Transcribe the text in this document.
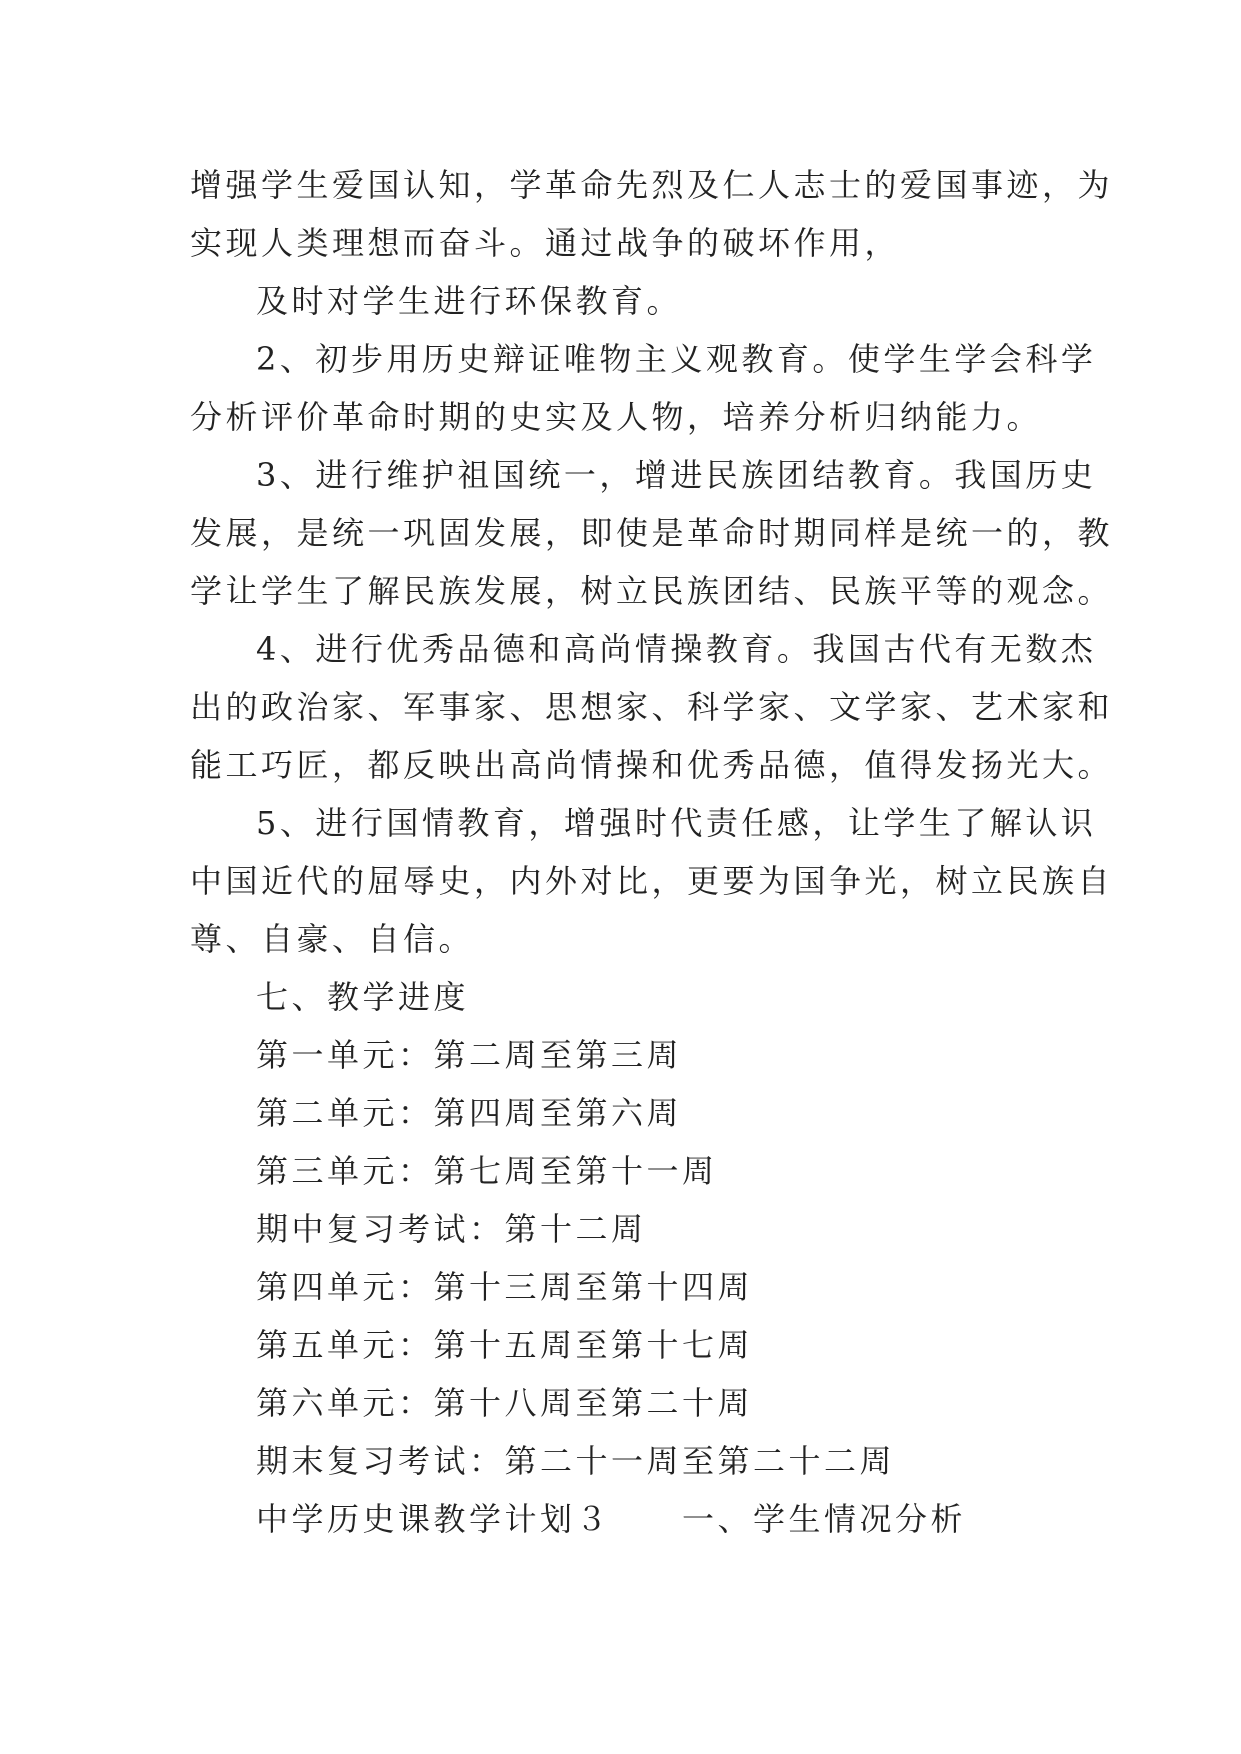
增强学生爱国认知，学革命先烈及仁人志士的爱国事迹，为
实现人类理想而奋斗。通过战争的破坏作用，
及时对学生进行环保教育。
2、初步用历史辩证唯物主义观教育。使学生学会科学
分析评价革命时期的史实及人物，培养分析归纳能力。
3、进行维护祖国统一，增进民族团结教育。我国历史
发展，是统一巩固发展，即使是革命时期同样是统一的，教
学让学生了解民族发展，树立民族团结、民族平等的观念。
4、进行优秀品德和高尚情操教育。我国古代有无数杰
出的政治家、军事家、思想家、科学家、文学家、艺术家和
能工巧匠，都反映出高尚情操和优秀品德，值得发扬光大。
5、进行国情教育，增强时代责任感，让学生了解认识
中国近代的屈辱史，内外对比，更要为国争光，树立民族自
尊、自豪、自信。
七、教学进度
第一单元：第二周至第三周
第二单元：第四周至第六周
第三单元：第七周至第十一周
期中复习考试：第十二周
第四单元：第十三周至第十四周
第五单元：第十五周至第十七周
第六单元：第十八周至第二十周
期末复习考试：第二十一周至第二十二周
中学历史课教学计划３　　一、学生情况分析
